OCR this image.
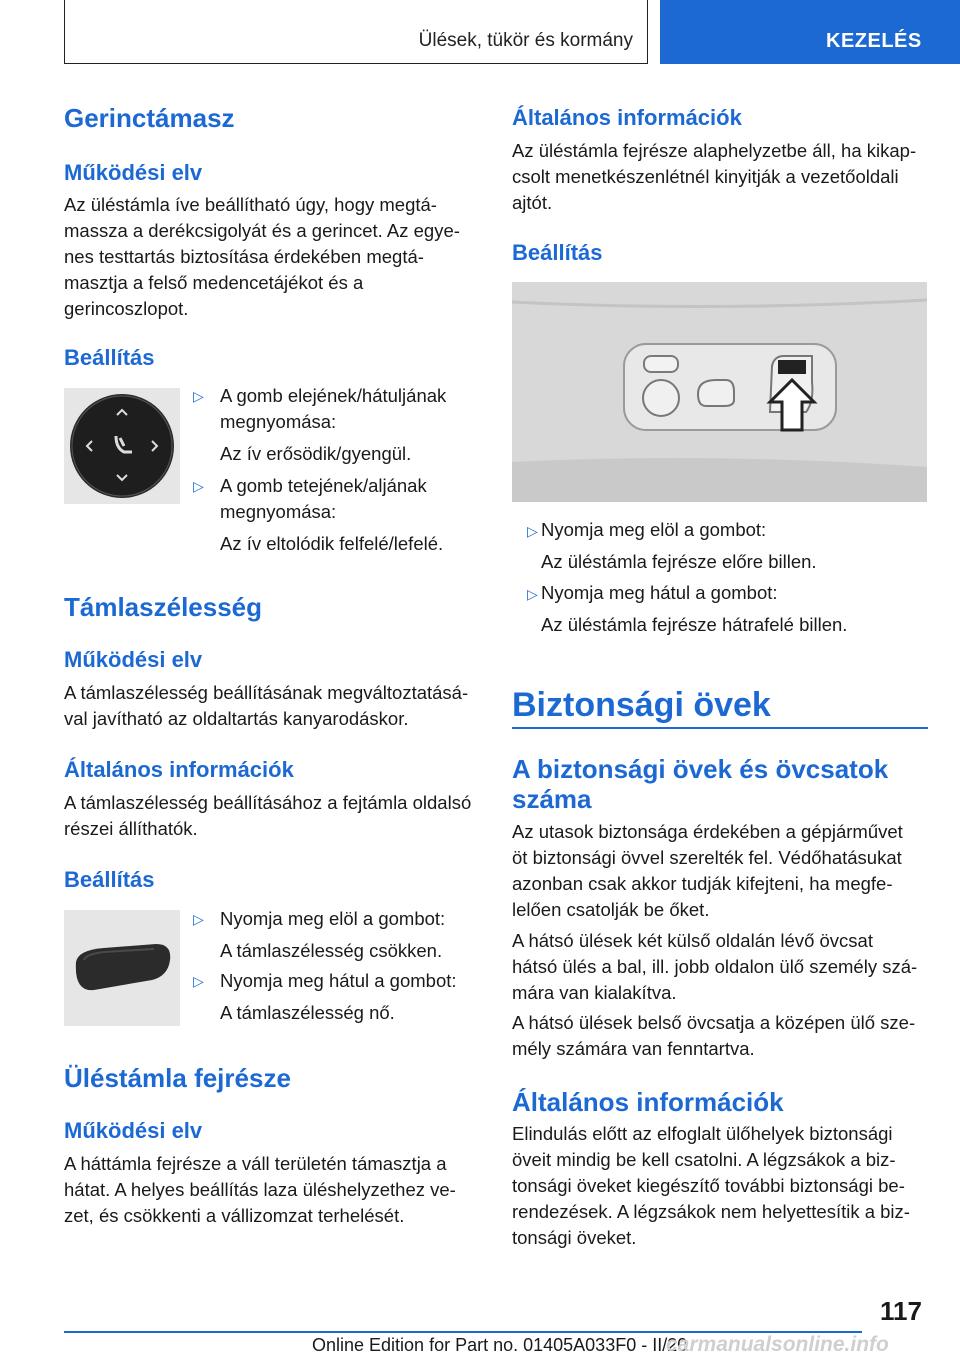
Ülések, tükör és kormány	KEZELÉS
Gerinctámasz
Működési elv

Az üléstámla íve beállítható úgy, hogy megtá-

massza a derékcsigolyát és a gerincet. Az egye-

nes testtartás biztosítása érdekében megtá-

masztja a felső medencetájékot és a

gerincoszlopot.

Beállítás
▷ A gomb elejének/hátuljának

megnyomása:

Az ív erősödik/gyengül.

▷ A gomb tetejének/aljának

megnyomása:

Az ív eltolódik felfelé/lefelé.

Támlaszélesség
Működési elv

A támlaszélesség beállításának megváltoztatásá-

val javítható az oldaltartás kanyarodáskor.

Általános információk

A támlaszélesség beállításához a fejtámla oldalsó

részei állíthatók.

Beállítás
▷ Nyomja meg elöl a gombot:

A támlaszélesség csökken.

▷ Nyomja meg hátul a gombot:

A támlaszélesség nő.

Üléstámla fejrésze
Működési elv

A háttámla fejrésze a váll területén támasztja a

hátat. A helyes beállítás laza üléshelyzethez ve-

zet, és csökkenti a vállizomzat terhelését.

Általános információk

Az üléstámla fejrésze alaphelyzetbe áll, ha kikap-

csolt menetkészenlétnél kinyitják a vezetőoldali

ajtót.

Beállítás
▷ Nyomja meg elöl a gombot:

Az üléstámla fejrésze előre billen.

▷ Nyomja meg hátul a gombot:

Az üléstámla fejrésze hátrafelé billen.

Biztonsági övek
A biztonsági övek és övcsatok
száma

Az utasok biztonsága érdekében a gépjárművet

öt biztonsági övvel szerelték fel. Védőhatásukat

azonban csak akkor tudják kifejteni, ha megfe-

lelően csatolják be őket.

A hátsó ülések két külső oldalán lévő övcsat

hátsó ülés a bal, ill. jobb oldalon ülő személy szá-

mára van kialakítva.

A hátsó ülések belső övcsatja a középen ülő sze-

mély számára van fenntartva.

Általános információk

Elindulás előtt az elfoglalt ülőhelyek biztonsági

öveit mindig be kell csatolni. A légzsákok a biz-

tonsági öveket kiegészítő további biztonsági be-

rendezések. A légzsákok nem helyettesítik a biz-

tonsági öveket.

117
Online Edition for Part no. 01405A033F0 - II/20
carmanualsonline.info
